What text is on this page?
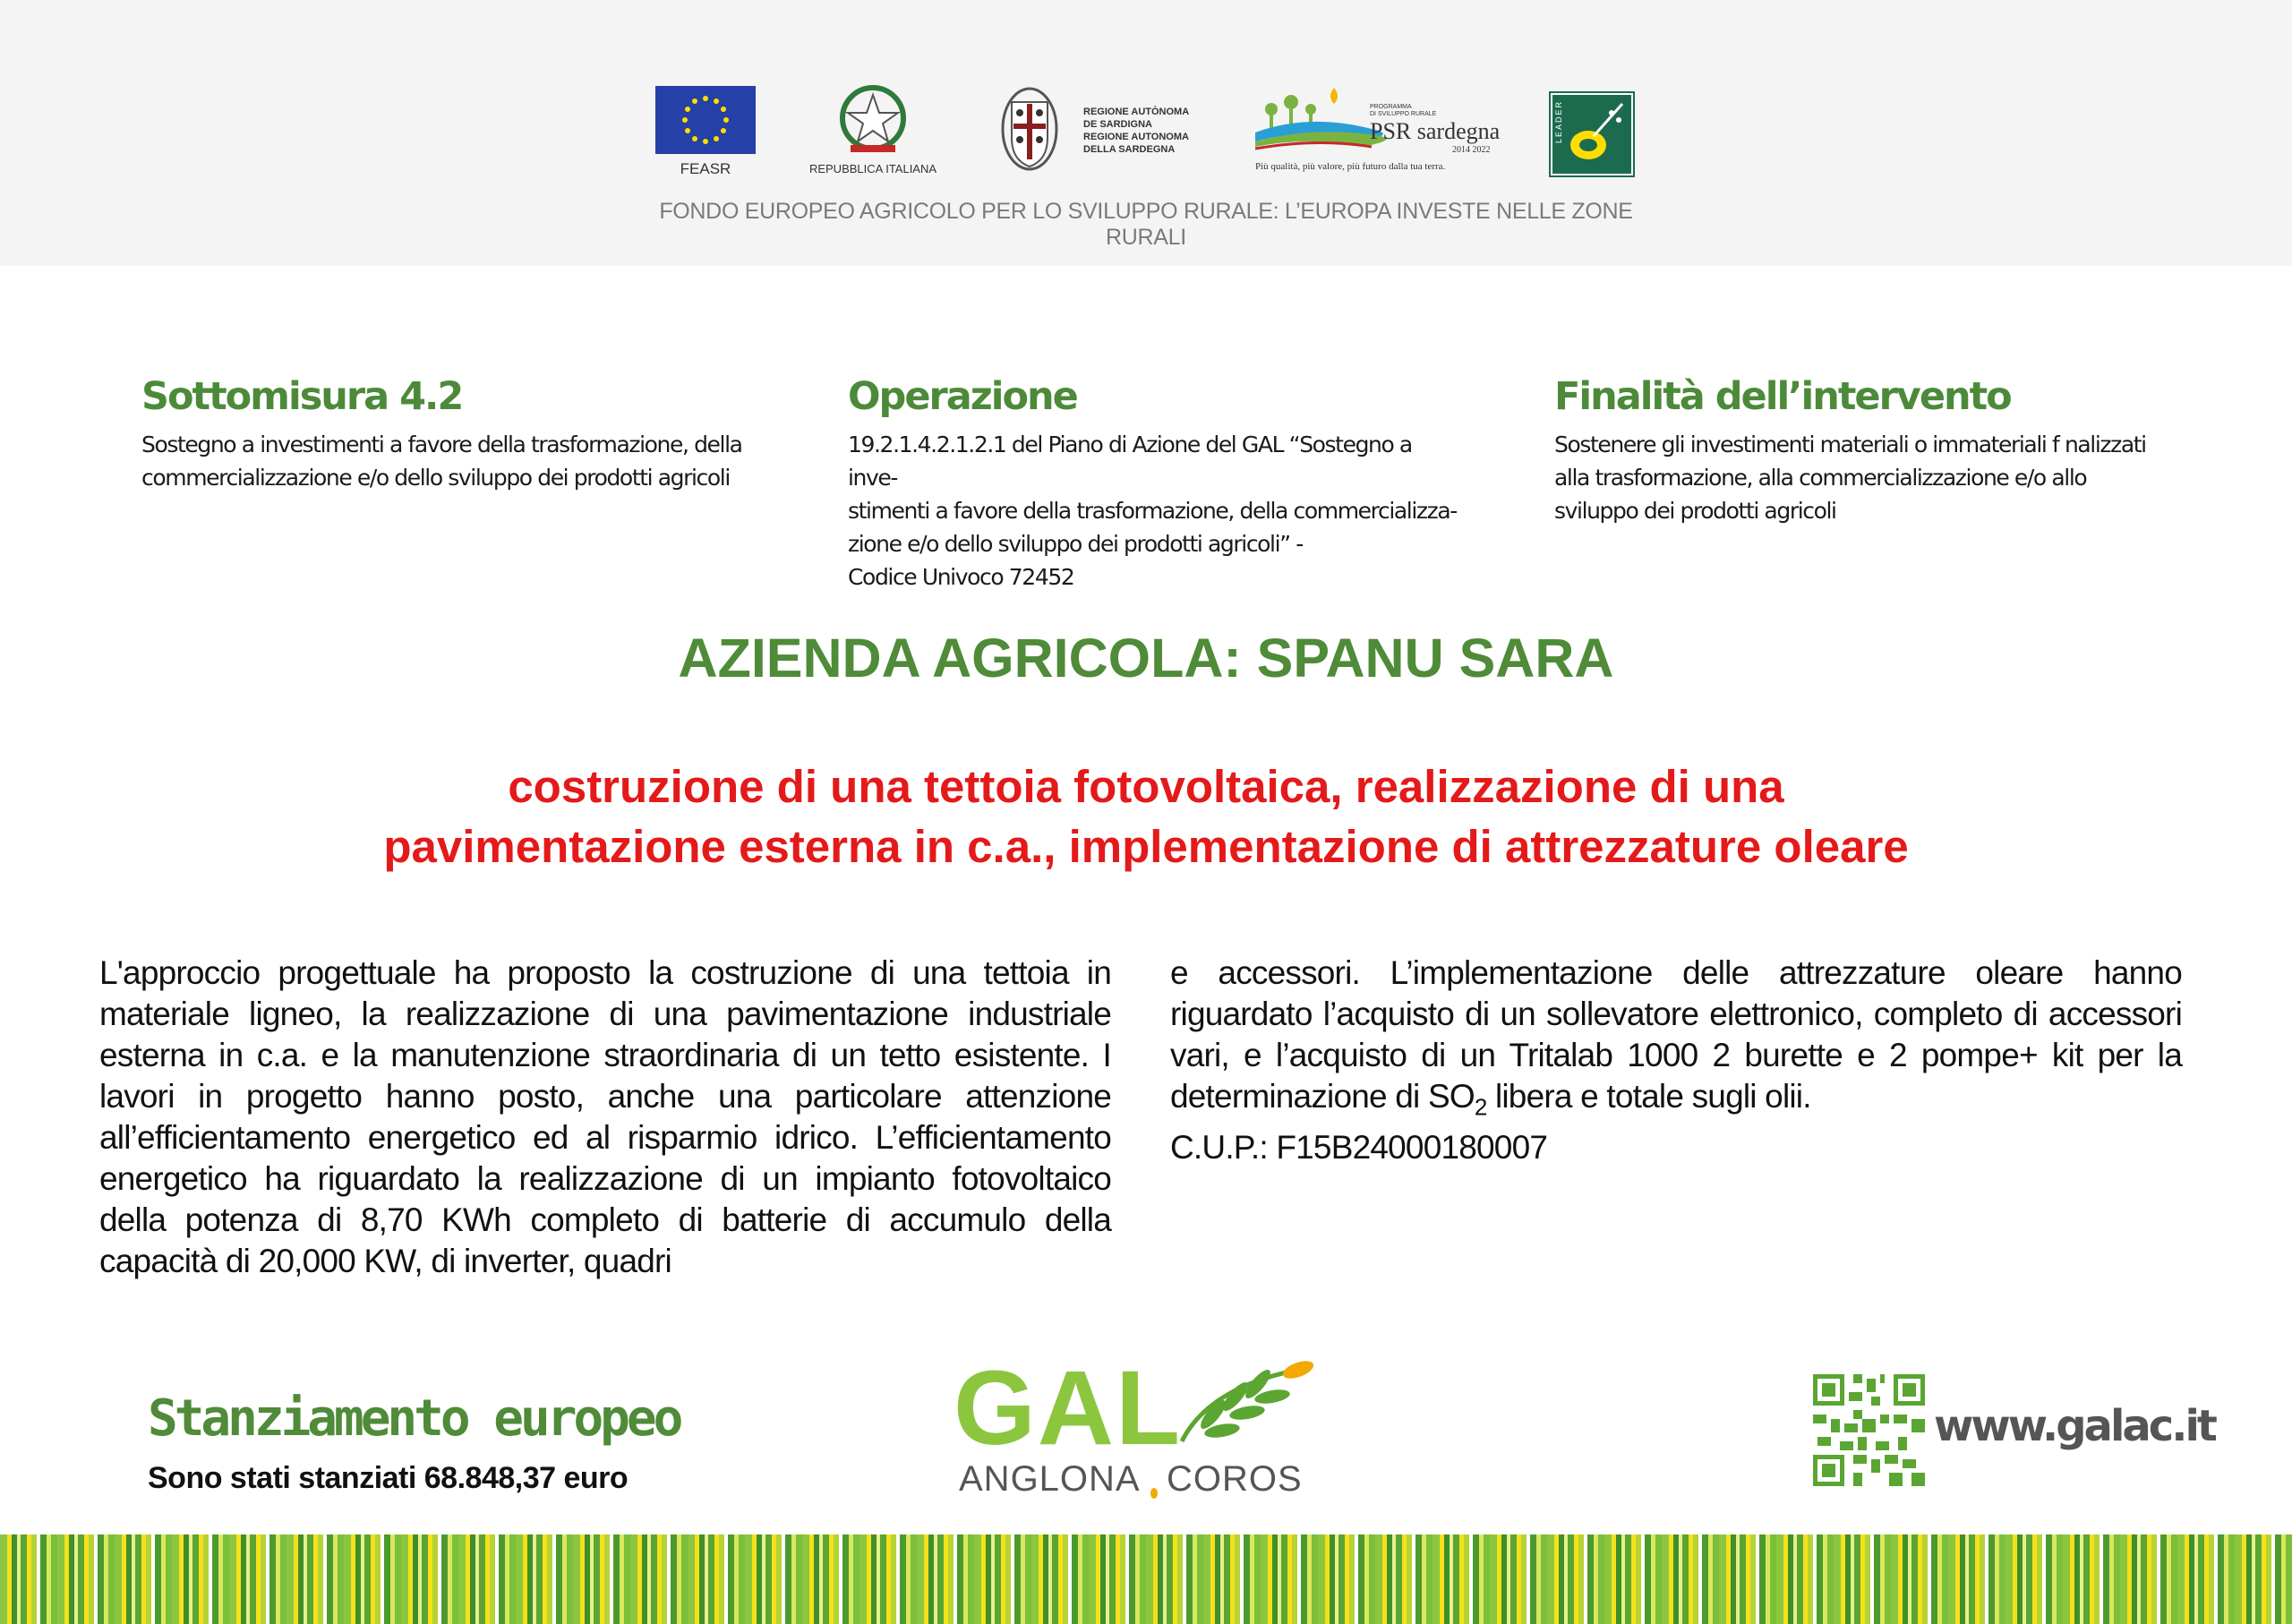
FEASR	REPUBBLICA ITALIANA
REGIONE AUTÒNOMA
DE SARDIGNA
REGIONE AUTONOMA
DELLA SARDEGNA
PROGRAMMA
DI SVILUPPO RURALE
PSR sardegna
2014 2022
Più qualità, più valore, più futuro dalla tua terra.
LEADER
FONDO EUROPEO AGRICOLO PER LO SVILUPPO RURALE: L’EUROPA INVESTE NELLE ZONE RURALI
Sottomisura 4.2

Sostegno a investimenti a favore della trasformazione, della
commercializzazione e/o dello sviluppo dei prodotti agricoli

Operazione

19.2.1.4.2.1.2.1 del Piano di Azione del GAL “Sostegno a inve-
stimenti a favore della trasformazione, della commercializza-
zione e/o dello sviluppo dei prodotti agricoli” -
Codice Univoco 72452

Finalità dell’intervento

Sostenere gli investimenti materiali o immateriali f nalizzati
alla trasformazione, alla commercializzazione e/o allo
sviluppo dei prodotti agricoli

AZIENDA AGRICOLA: SPANU SARA
costruzione di una tettoia fotovoltaica, realizzazione di una
pavimentazione esterna in c.a., implementazione di attrezzature oleare

L'approccio progettuale ha proposto la costruzione di una tettoia in materiale ligneo, la realizzazione di una pavimentazione industriale esterna in c.a. e la manutenzione straordinaria di un tetto esistente. I lavori in progetto hanno posto, anche una particolare attenzione all’efficientamento energetico ed al risparmio idrico. L’efficientamento energetico ha riguardato la realizzazione di un impianto fotovoltaico della potenza di 8,70 KWh completo di batterie di accumulo della capacità di 20,000 KW, di inverter, quadri

e accessori. L’implementazione delle attrezzature oleare hanno riguardato l’acquisto di un sollevatore elettronico, completo di accessori vari, e l’acquisto di un Tritalab 1000 2 burette e 2 pompe+ kit per la determinazione di $SO_2$ libera e totale sugli olii.

C.U.P.: F15B24000180007

Stanziamento europeo
Sono stati stanziati 68.848,37 euro
GAL
ANGLONA COROS
www.galac.it
